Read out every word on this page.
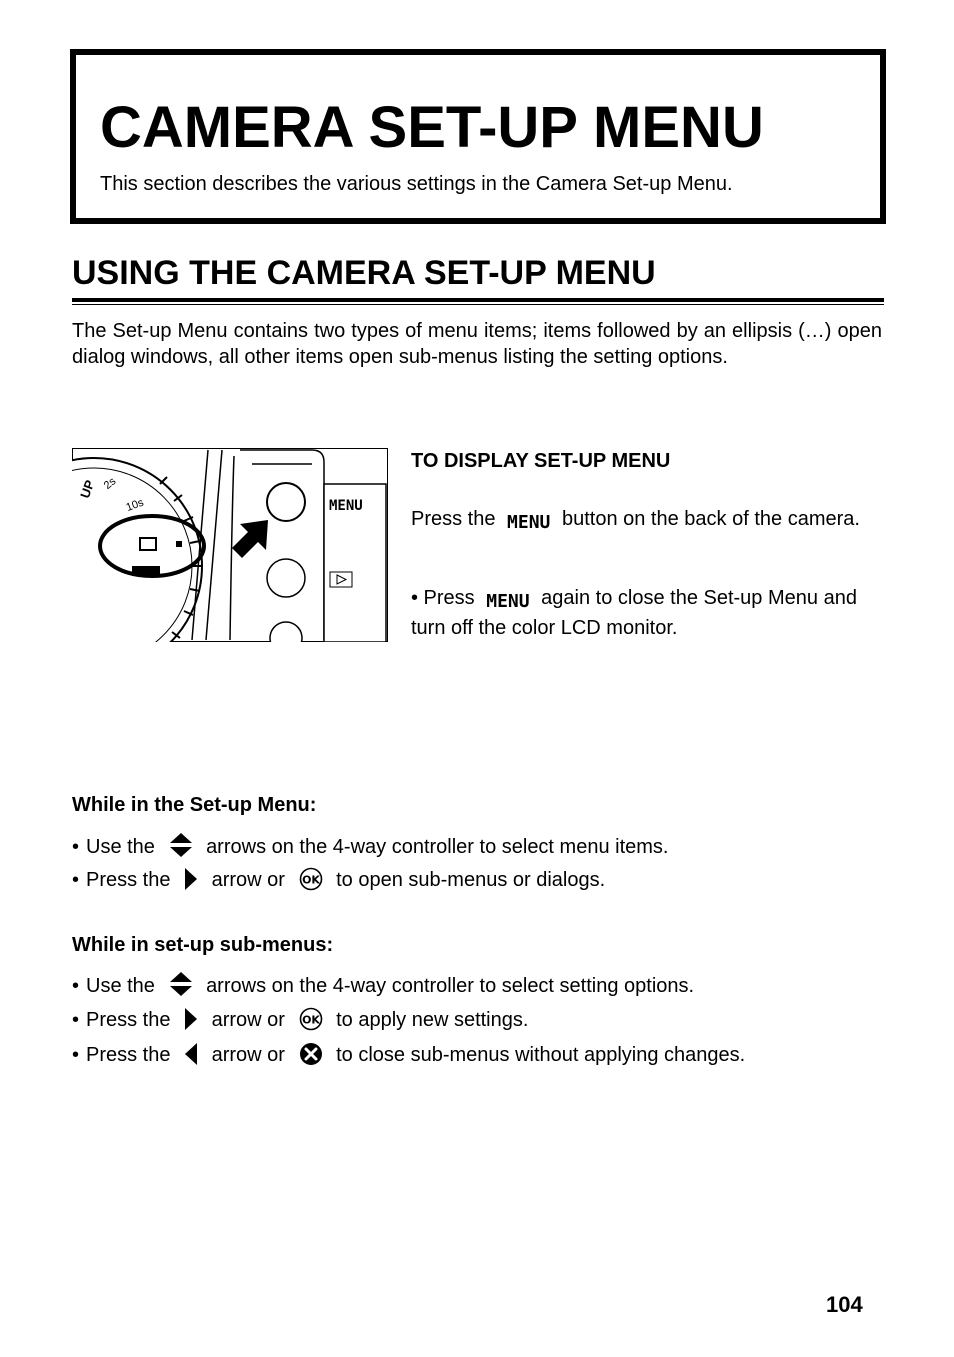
CAMERA SET-UP MENU

This section describes the various settings in the Camera Set-up Menu.

USING THE CAMERA SET-UP MENU

The Set-up Menu contains two types of menu items; items followed by an ellipsis (…) open dialog windows, all other items open sub-menus listing the setting options.

UP 2s
10s	MENU
TO DISPLAY SET-UP MENU

Press the MENU button on the back of the camera.

• Press MENU again to close the Set-up Menu and turn off the color LCD monitor.

While in the Set-up Menu:

• Use the	arrows on the 4-way controller to select menu items.

• Press the arrow or OK to open sub-menus or dialogs.

While in set-up sub-menus:

• Use the	arrows on the 4-way controller to select setting options.

• Press the arrow or OK to apply new settings.

• Press the arrow or	to close sub-menus without applying changes.

104
